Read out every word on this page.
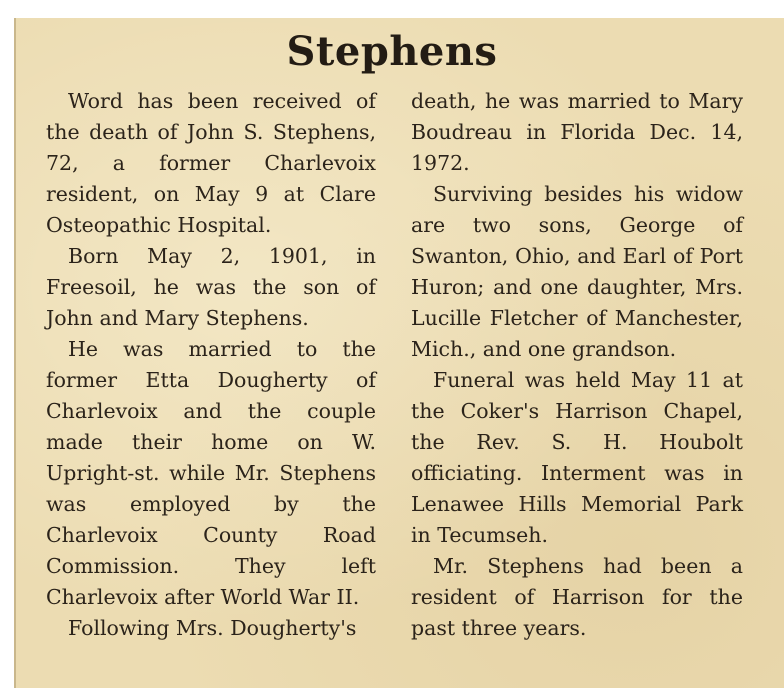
Stephens

Word has been received of the death of John S. Stephens, 72, a former Charlevoix resident, on May 9 at Clare Osteopathic Hospital.

Born May 2, 1901, in Freesoil, he was the son of John and Mary Stephens.

He was married to the former Etta Dougherty of Charlevoix and the couple made their home on W. Upright-st. while Mr. Stephens was employed by the Charlevoix County Road Commission. They left Charlevoix after World War II.

Following Mrs. Dougherty's

death, he was married to Mary Boudreau in Florida Dec. 14, 1972.

Surviving besides his widow are two sons, George of Swanton, Ohio, and Earl of Port Huron; and one daughter, Mrs. Lucille Fletcher of Manchester, Mich., and one grandson.

Funeral was held May 11 at the Coker's Harrison Chapel, the Rev. S. H. Houbolt officiating. Interment was in Lenawee Hills Memorial Park in Tecumseh.

Mr. Stephens had been a resident of Harrison for the past three years.
